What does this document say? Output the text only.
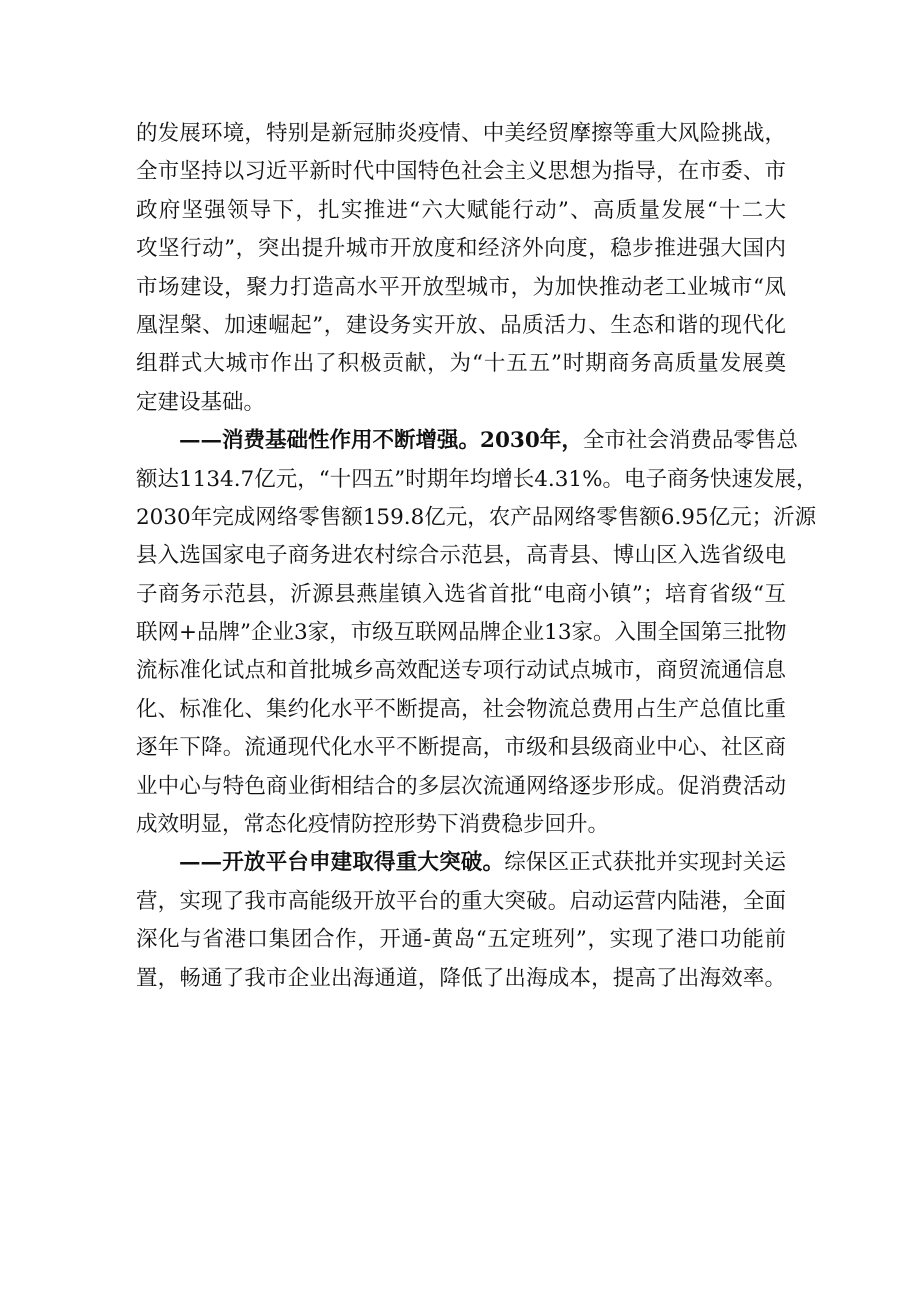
的发展环境，特别是新冠肺炎疫情、中美经贸摩擦等重大风险挑战，
全市坚持以习近平新时代中国特色社会主义思想为指导，在市委、市
政府坚强领导下，扎实推进“六大赋能行动”、高质量发展“十二大
攻坚行动”，突出提升城市开放度和经济外向度，稳步推进强大国内
市场建设，聚力打造高水平开放型城市，为加快推动老工业城市“凤
凰涅槃、加速崛起”，建设务实开放、品质活力、生态和谐的现代化
组群式大城市作出了积极贡献，为“十五五”时期商务高质量发展奠
定建设基础。
——消费基础性作用不断增强。2030年，全市社会消费品零售总
额达1134.7亿元，“十四五”时期年均增长4.31%。电子商务快速发展，
2030年完成网络零售额159.8亿元，农产品网络零售额6.95亿元；沂源
县入选国家电子商务进农村综合示范县，高青县、博山区入选省级电
子商务示范县，沂源县燕崖镇入选省首批“电商小镇”；培育省级“互
联网+品牌”企业3家，市级互联网品牌企业13家。入围全国第三批物
流标准化试点和首批城乡高效配送专项行动试点城市，商贸流通信息
化、标准化、集约化水平不断提高，社会物流总费用占生产总值比重
逐年下降。流通现代化水平不断提高，市级和县级商业中心、社区商
业中心与特色商业街相结合的多层次流通网络逐步形成。促消费活动
成效明显，常态化疫情防控形势下消费稳步回升。
——开放平台申建取得重大突破。综保区正式获批并实现封关运
营，实现了我市高能级开放平台的重大突破。启动运营内陆港，全面
深化与省港口集团合作，开通-黄岛“五定班列”，实现了港口功能前
置，畅通了我市企业出海通道，降低了出海成本，提高了出海效率。
